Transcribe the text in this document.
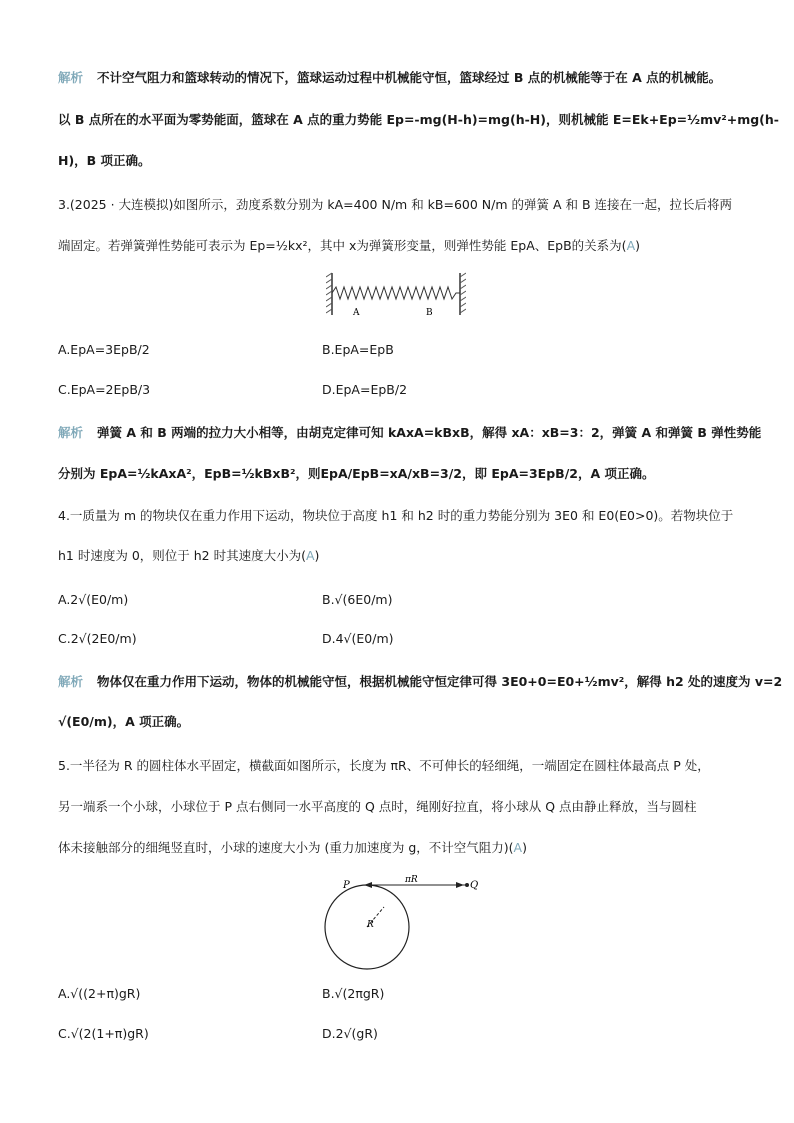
解析 不计空气阻力和篮球转动的情况下，篮球运动过程中机械能守恒，篮球经过 B 点的机械能等于在 A 点的机械能。
以 B 点所在的水平面为零势能面，篮球在 A 点的重力势能 Ep=-mg(H-h)=mg(h-H)，则机械能 E=Ek+Ep=½mv²+mg(h-
H)，B 项正确。
3.(2025 · 大连模拟)如图所示，劲度系数分别为 kA=400 N/m 和 kB=600 N/m 的弹簧 A 和 B 连接在一起，拉长后将两
端固定。若弹簧弹性势能可表示为 Ep=½kx²，其中 x为弹簧形变量，则弹性势能 EpA、EpB的关系为(A)
A	B
A.EpA=3EpB/2	B.EpA=EpB
C.EpA=2EpB/3	D.EpA=EpB/2
解析 弹簧 A 和 B 两端的拉力大小相等，由胡克定律可知 kAxA=kBxB，解得 xA：xB=3：2，弹簧 A 和弹簧 B 弹性势能
分别为 EpA=½kAxA²，EpB=½kBxB²，则EpA/EpB=xA/xB=3/2，即 EpA=3EpB/2，A 项正确。
4.一质量为 m 的物块仅在重力作用下运动，物块位于高度 h1 和 h2 时的重力势能分别为 3E0 和 E0(E0>0)。若物块位于
h1 时速度为 0，则位于 h2 时其速度大小为(A)
A.2√(E0/m)	B.√(6E0/m)
C.2√(2E0/m)	D.4√(E0/m)
解析 物体仅在重力作用下运动，物体的机械能守恒，根据机械能守恒定律可得 3E0+0=E0+½mv²，解得 h2 处的速度为 v=2
√(E0/m)，A 项正确。
5.一半径为 R 的圆柱体水平固定，横截面如图所示，长度为 πR、不可伸长的轻细绳，一端固定在圆柱体最高点 P 处，
另一端系一个小球，小球位于 P 点右侧同一水平高度的 Q 点时，绳刚好拉直，将小球从 Q 点由静止释放，当与圆柱
体未接触部分的细绳竖直时，小球的速度大小为 (重力加速度为 g，不计空气阻力)(A)
P	Q
πR
R
A.√((2+π)gR)	B.√(2πgR)
C.√(2(1+π)gR)	D.2√(gR)
